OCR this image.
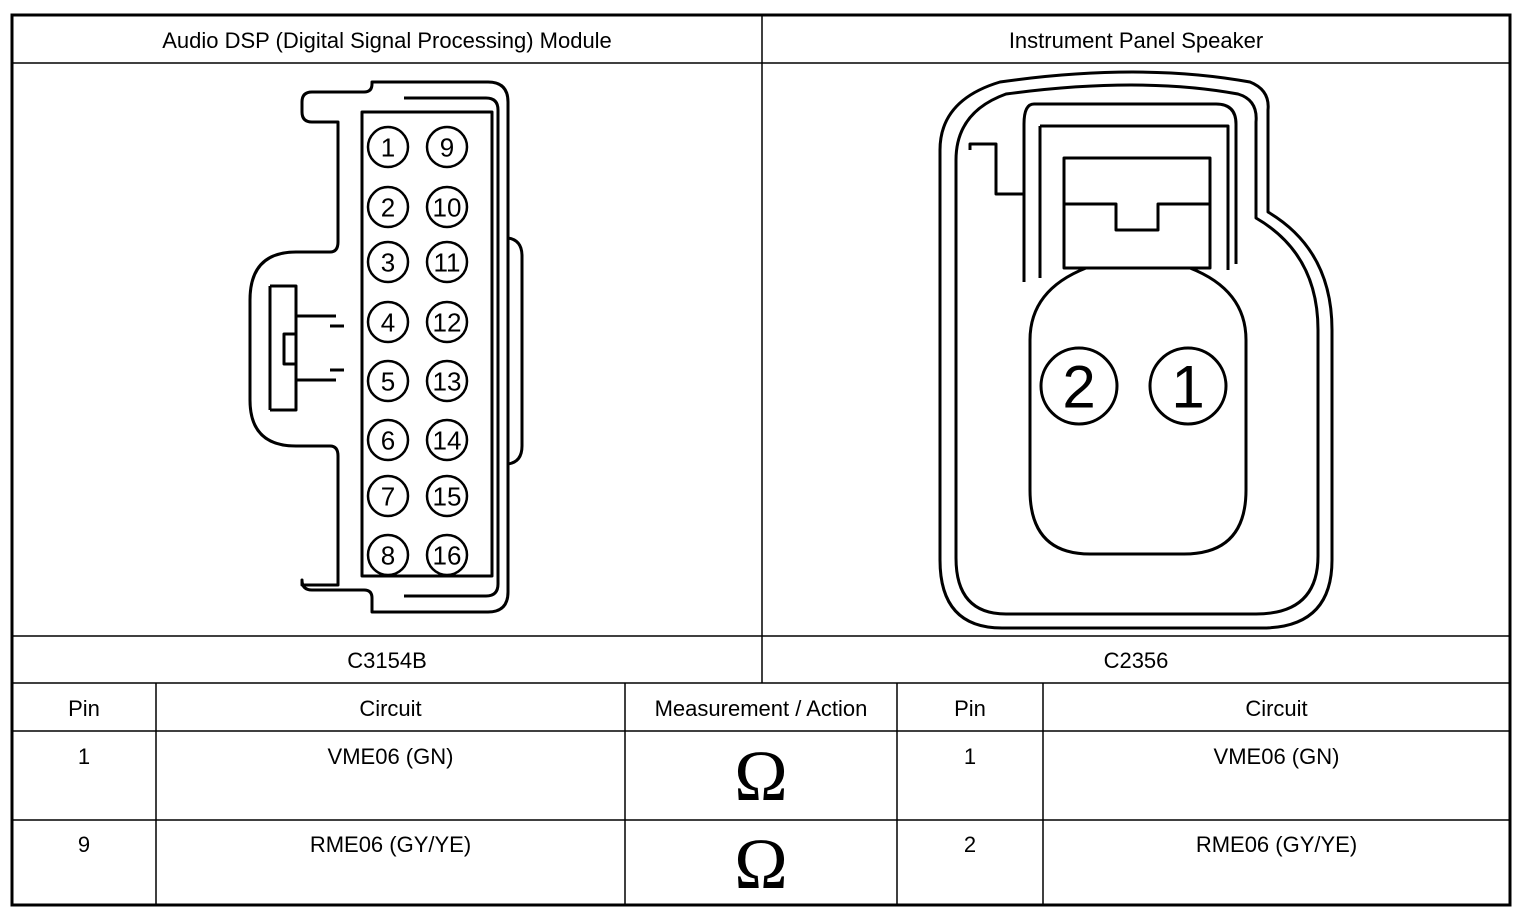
1
2
3
4
5
6
7
8
9
10
11
12
13
14
15
16
2 1
Audio DSP (Digital Signal Processing) Module	Instrument Panel Speaker
C3154B	C2356
Pin	Circuit	Measurement / Action	Pin	Circuit
1	VME06 (GN)	Ω	1	VME06 (GN)
9	RME06 (GY/YE)	Ω	2	RME06 (GY/YE)
